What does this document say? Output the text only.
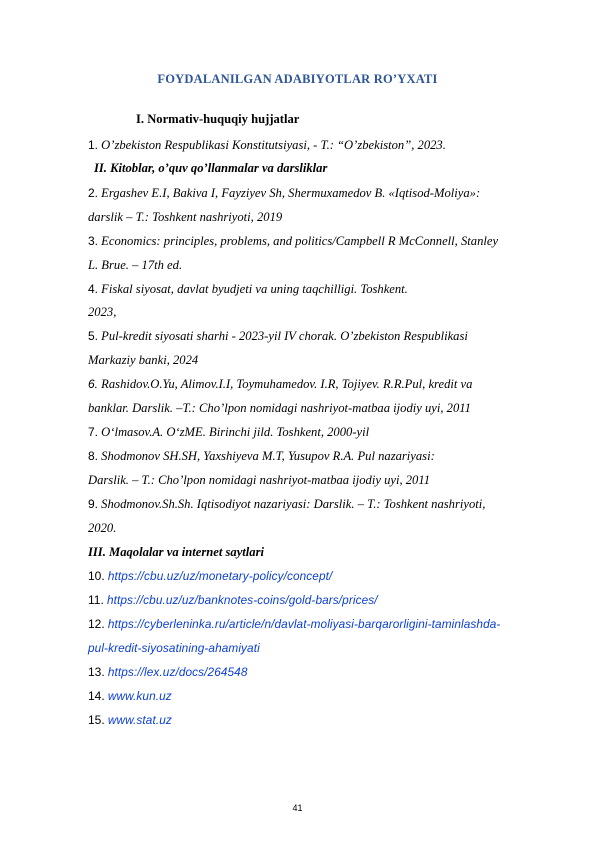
FOYDALANILGAN ADABIYOTLAR RO’YXATI
I. Normativ-huquqiy hujjatlar
1. O’zbekiston Respublikasi Konstitutsiyasi, - T.: “O’zbekiston”, 2023.
II. Kitoblar, o’quv qo’llanmalar va darsliklar
2. Ergashev E.I, Bakiva I, Fayziyev Sh, Shermuxamedov B. «Iqtisod-Moliya»:
darslik – T.: Toshkent nashriyoti, 2019
3. Economics: principles, problems, and politics/Campbell R McConnell, Stanley
L. Brue. – 17th ed.
4. Fiskal siyosat, davlat byudjeti va uning taqchilligi. Toshkent.
2023,
5. Pul-kredit siyosati sharhi - 2023-yil IV chorak. O’zbekiston Respublikasi
Markaziy banki, 2024
6. Rashidov.O.Yu, Alimov.I.I, Toymuhamedov. I.R, Tojiyev. R.R.Pul, kredit va
banklar. Darslik. –T.: Cho’lpon nomidagi nashriyot-matbaa ijodiy uyi, 2011
7. O‘lmasov.A. O‘zME. Birinchi jild. Toshkent, 2000-yil
8. Shodmonov SH.SH, Yaxshiyeva M.T, Yusupov R.A. Pul nazariyasi:
Darslik. – T.: Cho’lpon nomidagi nashriyot-matbaa ijodiy uyi, 2011
9. Shodmonov.Sh.Sh. Iqtisodiyot nazariyasi: Darslik. – T.: Toshkent nashriyoti,
2020.
III. Maqolalar va internet saytlari
10. https://cbu.uz/uz/monetary-policy/concept/
11. https://cbu.uz/uz/banknotes-coins/gold-bars/prices/
12. https://cyberleninka.ru/article/n/davlat-moliyasi-barqarorligini-taminlashda-
pul-kredit-siyosatining-ahamiyati
13. https://lex.uz/docs/264548
14. www.kun.uz
15. www.stat.uz
41
